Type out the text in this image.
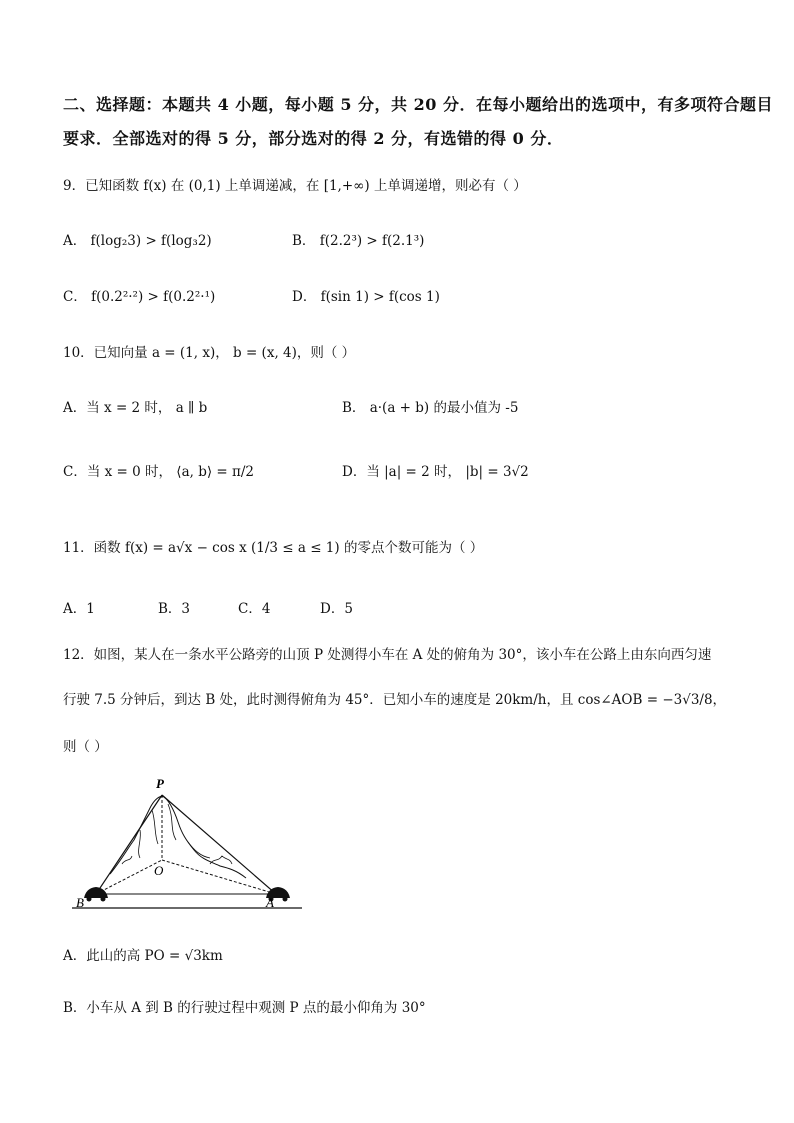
二、选择题：本题共 4 小题，每小题 5 分，共 20 分．在每小题给出的选项中，有多项符合题目
要求．全部选对的得 5 分，部分选对的得 2 分，有选错的得 0 分．
9．已知函数 f(x) 在 (0,1) 上单调递减，在 [1,+∞) 上单调递增，则必有（ ）
A． f(log₂3) > f(log₃2)	B． f(2.2³) > f(2.1³)
C． f(0.2²·²) > f(0.2²·¹)	D． f(sin 1) > f(cos 1)
10．已知向量 a = (1, x)， b = (x, 4)，则（ ）
A．当 x = 2 时， a ∥ b	B． a·(a + b) 的最小值为 -5
C．当 x = 0 时， ⟨a, b⟩ = π/2	D．当 |a| = 2 时， |b| = 3√2
11．函数 f(x) = a√x − cos x (1/3 ≤ a ≤ 1) 的零点个数可能为（ ）
A．1	B．3	C．4	D．5
12．如图，某人在一条水平公路旁的山顶 P 处测得小车在 A 处的俯角为 30°，该小车在公路上由东向西匀速
行驶 7.5 分钟后，到达 B 处，此时测得俯角为 45°．已知小车的速度是 20km/h，且 cos∠AOB = −3√3/8，
则（ ）
P
O
B	A
A．此山的高 PO = √3km
B．小车从 A 到 B 的行驶过程中观测 P 点的最小仰角为 30°
